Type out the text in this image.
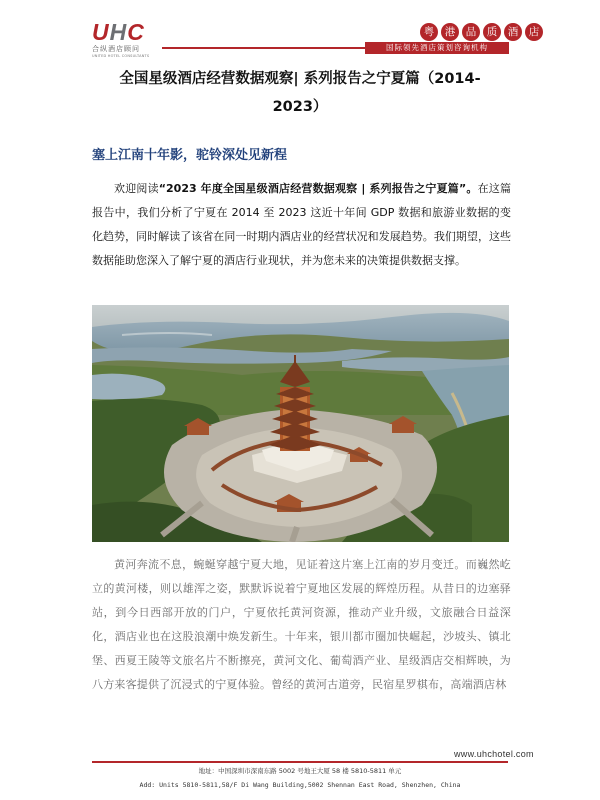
UHC
合纵酒店顾问
UNITED HOTEL CONSULTANTS
粤	港	品	质	酒	店
国际领先酒店策划咨询机构
全国星级酒店经营数据观察| 系列报告之宁夏篇（2014-
2023）
塞上江南十年影，驼铃深处见新程
欢迎阅读“2023 年度全国星级酒店经营数据观察 | 系列报告之宁夏篇”。在这篇报告中，我们分析了宁夏在 2014 至 2023 这近十年间 GDP 数据和旅游业数据的变化趋势，同时解读了该省在同一时期内酒店业的经营状况和发展趋势。我们期望，这些数据能助您深入了解宁夏的酒店行业现状，并为您未来的决策提供数据支撑。
黄河奔流不息，蜿蜒穿越宁夏大地，见证着这片塞上江南的岁月变迁。而巍然屹立的黄河楼，则以雄浑之姿，默默诉说着宁夏地区发展的辉煌历程。从昔日的边塞驿站，到今日西部开放的门户，宁夏依托黄河资源，推动产业升级，文旅融合日益深化，酒店业也在这股浪潮中焕发新生。十年来，银川都市圈加快崛起，沙坡头、镇北堡、西夏王陵等文旅名片不断擦亮，黄河文化、葡萄酒产业、星级酒店交相辉映，为八方来客提供了沉浸式的宁夏体验。曾经的黄河古道旁，民宿星罗棋布，高端酒店林
www.uhchotel.com
地址：中国深圳市深南东路 5002 号地王大厦 58 楼 5810-5811 单元
Add: Units 5810-5811,58/F Di Wang Building,5002 Shennan East Road, Shenzhen, China
